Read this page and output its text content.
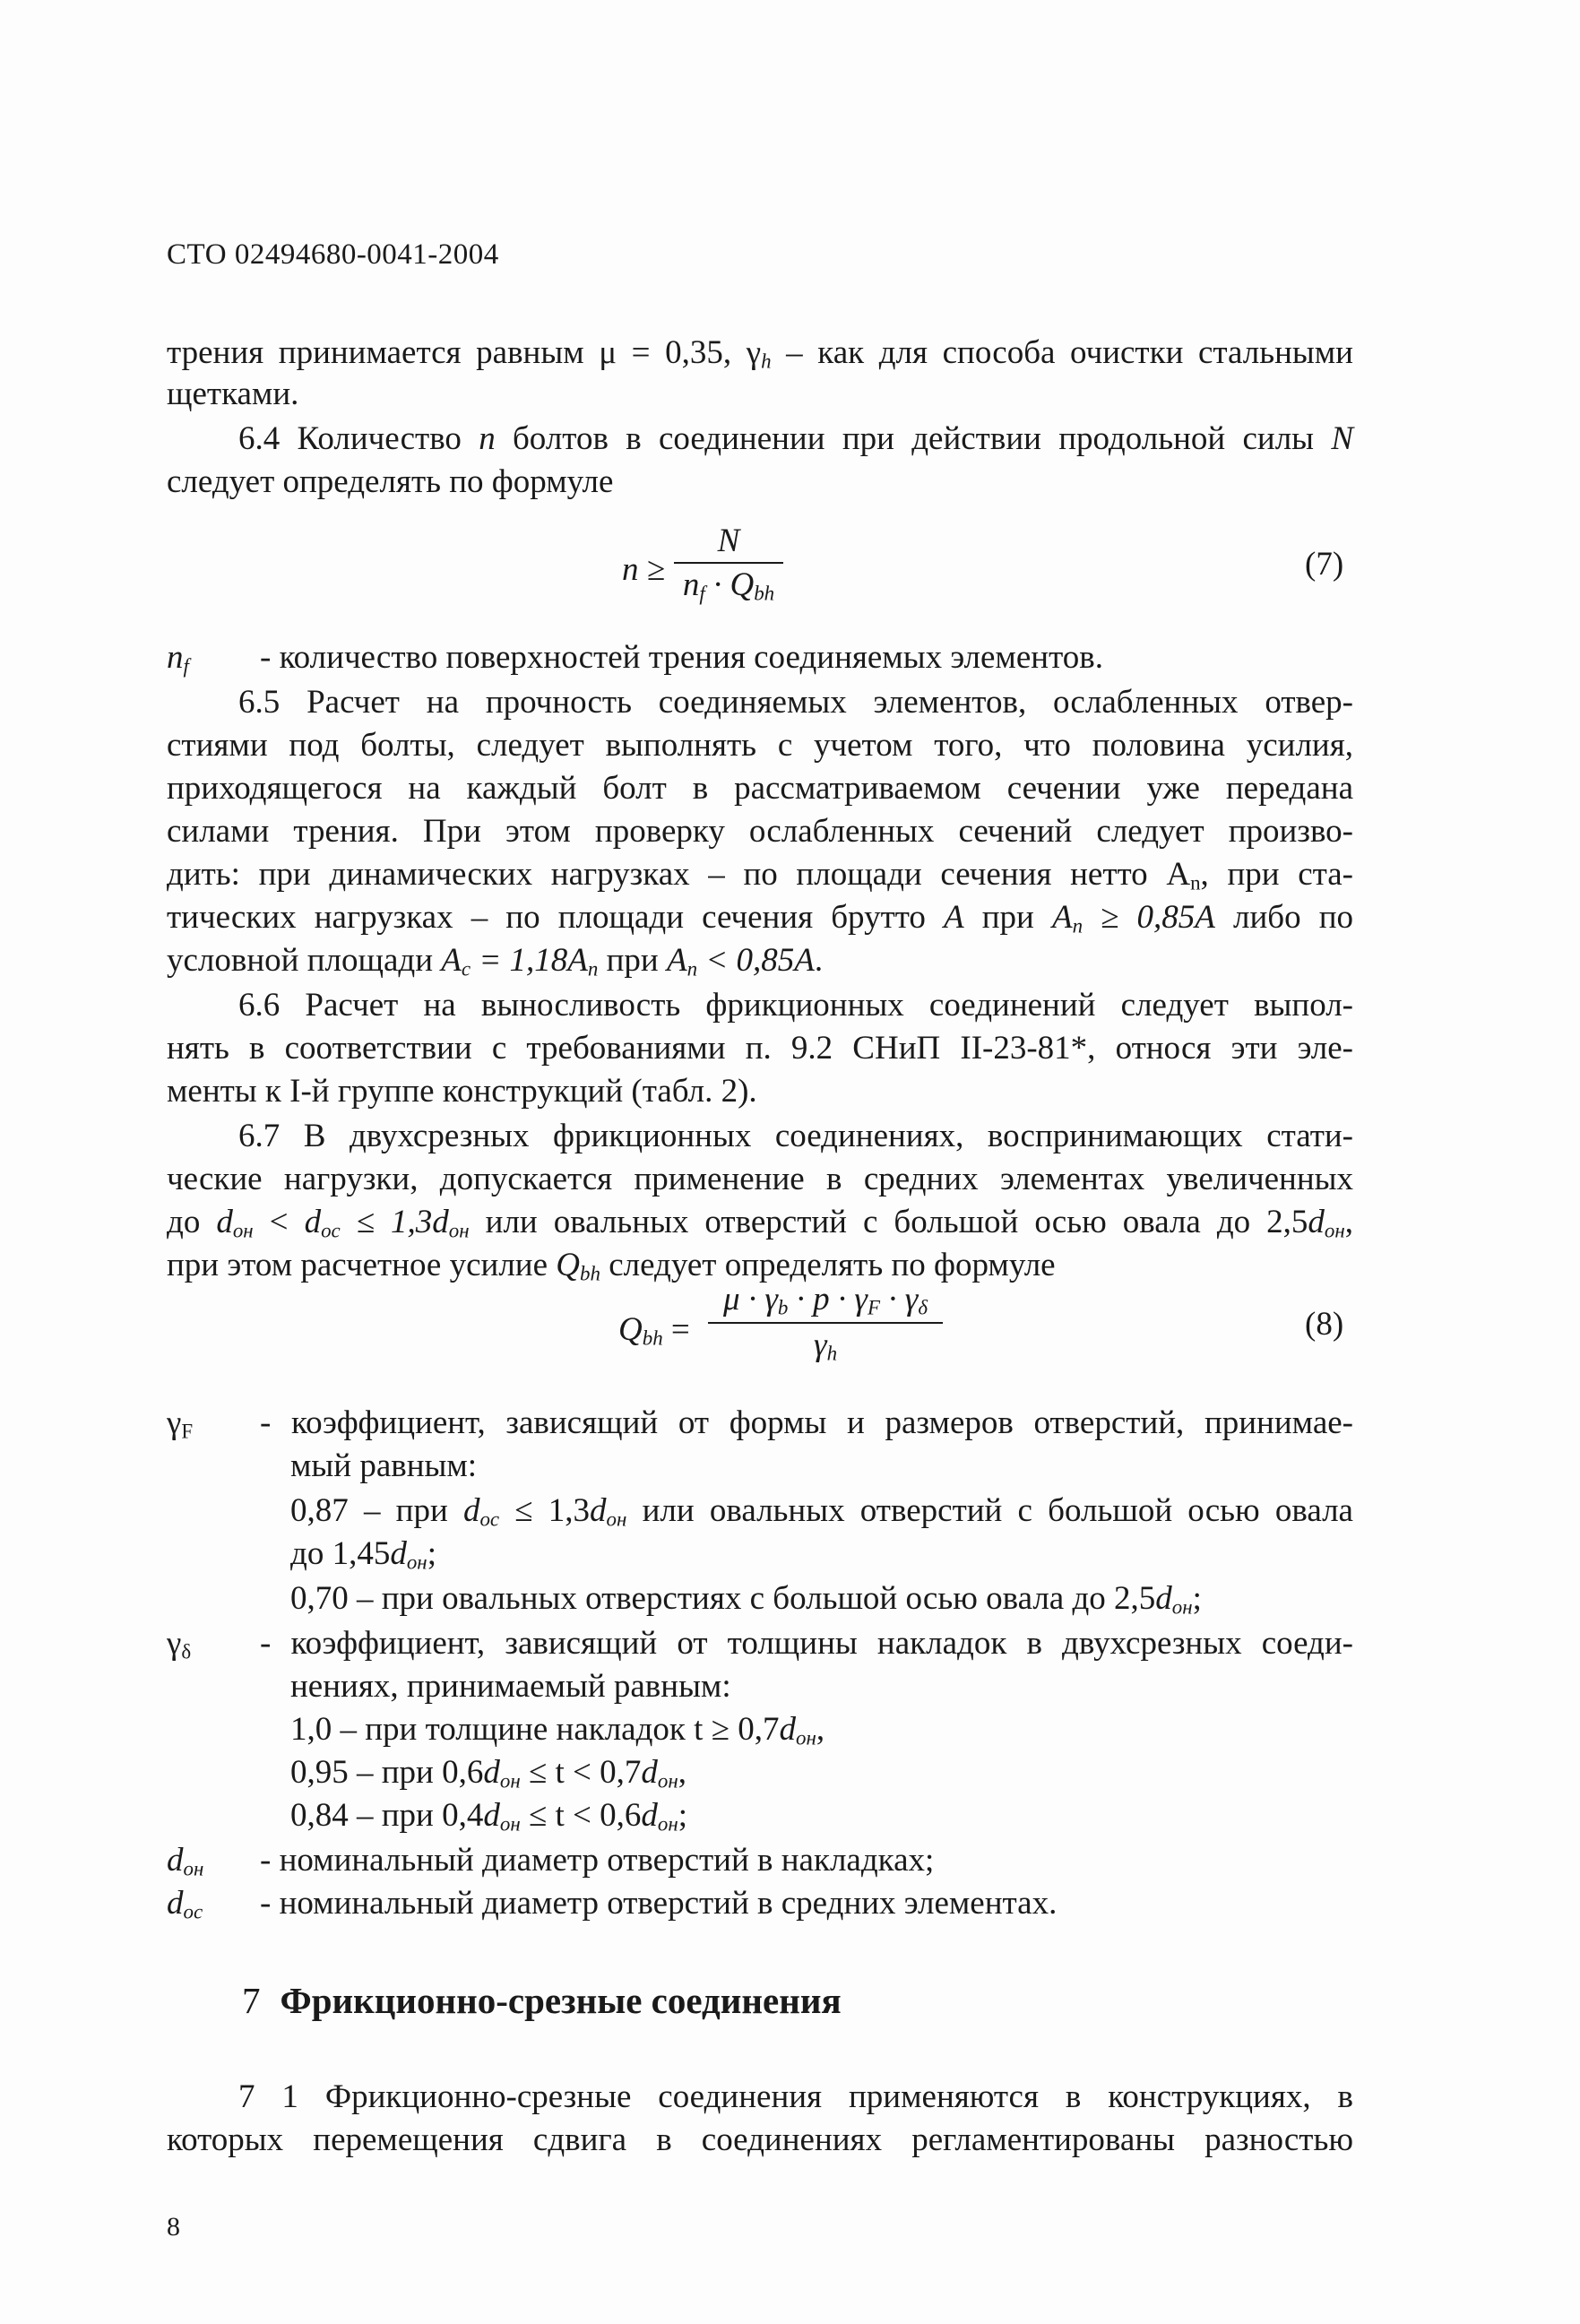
СТО 02494680-0041-2004
трения принимается равным μ = 0,35, $\gamma_h$ – как для способа очистки стальными
щетками.
6.4 Количество n болтов в соединении при действии продольной силы N
следует определять по формуле
n ≥
N
$n_f \cdot Q_{bh}$
(7)
$n_f$ - количество поверхностей трения соединяемых элементов.
6.5 Расчет на прочность соединяемых элементов, ослабленных отвер-
стиями под болты, следует выполнять с учетом того, что половина усилия,
приходящегося на каждый болт в рассматриваемом сечении уже передана
силами трения. При этом проверку ослабленных сечений следует произво-
дить: при динамических нагрузках – по площади сечения нетто $А_n$, при ста-
тических нагрузках – по площади сечения брутто A при $A_n \ge 0,85A$ либо по
условной площади $A_c = 1,18A_n$ при $A_n < 0,85A$.
6.6 Расчет на выносливость фрикционных соединений следует выпол-
нять в соответствии с требованиями п. 9.2 СНиП II-23-81*, относя эти эле-
менты к I-й группе конструкций (табл. 2).
6.7 В двухсрезных фрикционных соединениях, воспринимающих стати-
ческие нагрузки, допускается применение в средних элементах увеличенных
до $d_{он} < d_{ос} \le 1,3d_{он}$ или овальных отверстий с большой осью овала до $2,5d_{он}$,
при этом расчетное усилие $Q_{bh}$ следует определять по формуле
$Q_{bh}$ =
$\mu \cdot \gamma_b \cdot p \cdot \gamma_F \cdot \gamma_\delta$
$\gamma_h$
(8)
$\gamma_F$ - коэффициент, зависящий от формы и размеров отверстий, принимае-
мый равным:
0,87 – при $d_{ос} \le 1,3d_{он}$ или овальных отверстий с большой осью овала
до $1,45d_{он}$;
0,70 – при овальных отверстиях с большой осью овала до $2,5d_{он}$;
$\gamma_\delta$ - коэффициент, зависящий от толщины накладок в двухсрезных соеди-
нениях, принимаемый равным:
1,0 – при толщине накладок $t \ge 0,7d_{он}$,
0,95 – при $0,6d_{он} \le t < 0,7d_{он}$,
0,84 – при $0,4d_{он} \le t < 0,6d_{он}$;
$d_{он}$ - номинальный диаметр отверстий в накладках;
$d_{ос}$ - номинальный диаметр отверстий в средних элементах.
7 Фрикционно-срезные соединения
7 1 Фрикционно-срезные соединения применяются в конструкциях, в
которых перемещения сдвига в соединениях регламентированы разностью
8
